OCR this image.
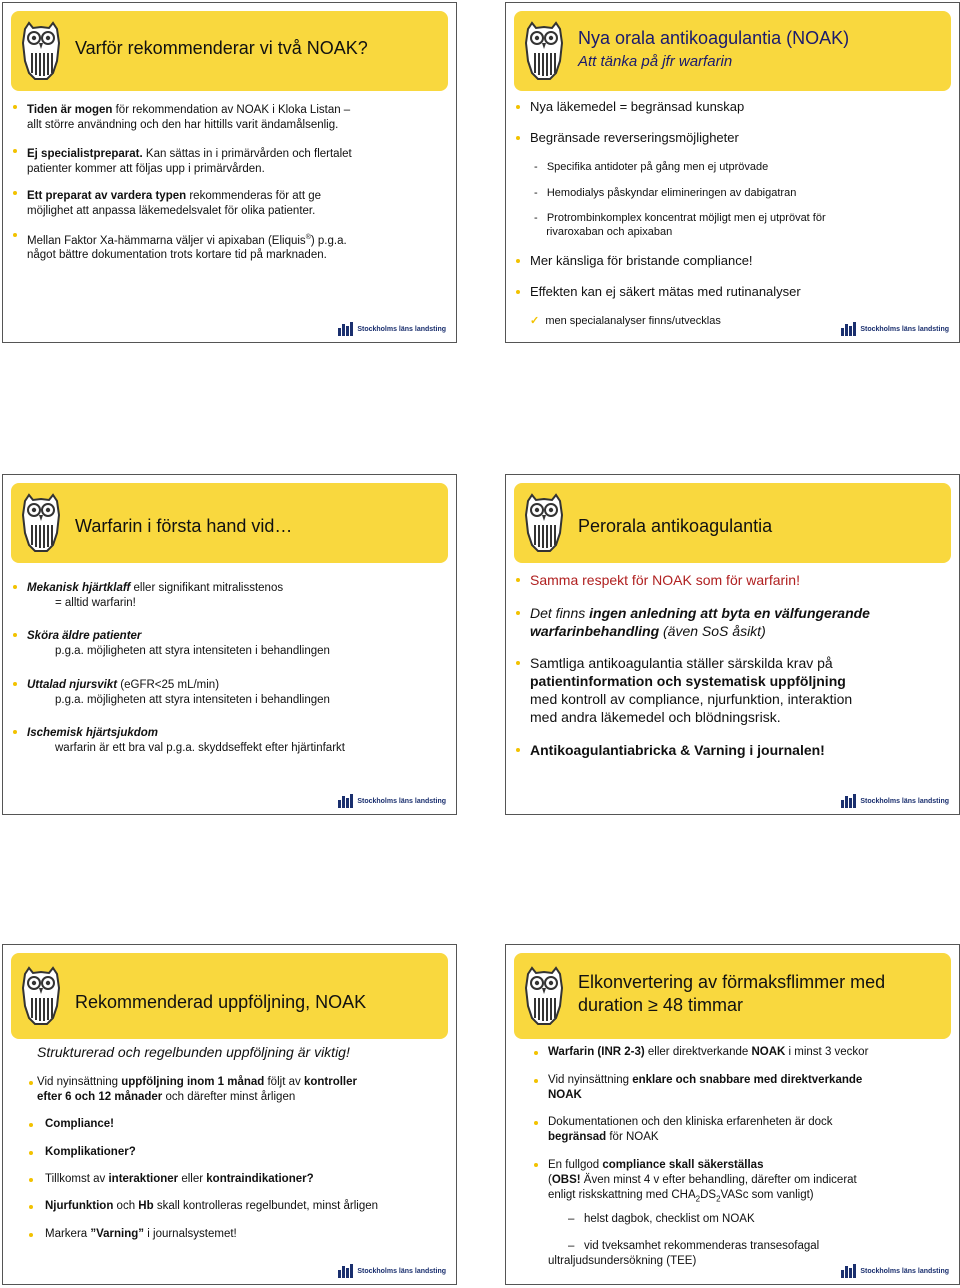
Varför rekommenderar vi två NOAK?
Tiden är mogen för rekommendation av NOAK i Kloka Listan –
allt större användning och den har hittills varit ändamålsenlig.
Ej specialistpreparat. Kan sättas in i primärvården och flertalet
patienter kommer att följas upp i primärvården.
Ett preparat av vardera typen rekommenderas för att ge
möjlighet att anpassa läkemedelsvalet för olika patienter.
Mellan Faktor Xa-hämmarna väljer vi apixaban (Eliquis®) p.g.a.
något bättre dokumentation trots kortare tid på marknaden.
Stockholms läns landsting
Nya orala antikoagulantia (NOAK)
Att tänka på jfr warfarin
Nya läkemedel = begränsad kunskap
Begränsade reverseringsmöjligheter
-   Specifika antidoter på gång men ej utprövade
-   Hemodialys påskyndar elimineringen av dabigatran
-   Protrombinkomplex koncentrat möjligt men ej utprövat för
rivaroxaban och apixaban
Mer känsliga för bristande compliance!
Effekten kan ej säkert mätas med rutinanalyser
✓ men specialanalyser finns/utvecklas
Stockholms läns landsting
Warfarin i första hand vid…
Mekanisk hjärtklaff eller signifikant mitralisstenos
= alltid warfarin!
Sköra äldre patienter
p.g.a. möjligheten att styra intensiteten i behandlingen
Uttalad njursvikt (eGFR<25 mL/min)
p.g.a. möjligheten att styra intensiteten i behandlingen
Ischemisk hjärtsjukdom
warfarin är ett bra val p.g.a. skyddseffekt efter hjärtinfarkt
Stockholms läns landsting
Perorala antikoagulantia
Samma respekt för NOAK som för warfarin!
Det finns ingen anledning att byta en välfungerande
warfarinbehandling (även SoS åsikt)
Samtliga antikoagulantia ställer särskilda krav på
patientinformation och systematisk uppföljning
med kontroll av compliance, njurfunktion, interaktion
med andra läkemedel och blödningsrisk.
Antikoagulantiabricka & Varning i journalen!
Stockholms läns landsting
Rekommenderad uppföljning, NOAK
Strukturerad och regelbunden uppföljning är viktig!
Vid nyinsättning uppföljning inom 1 månad följt av kontroller
efter 6 och 12 månader och därefter minst årligen
Compliance!
Komplikationer?
Tillkomst av interaktioner eller kontraindikationer?
Njurfunktion och Hb skall kontrolleras regelbundet, minst årligen
Markera ”Varning” i journalsystemet!
Stockholms läns landsting
Elkonvertering av förmaksflimmer med
duration ≥ 48 timmar
Warfarin (INR 2-3) eller direktverkande NOAK i minst 3 veckor
Vid nyinsättning enklare och snabbare med direktverkande
NOAK
Dokumentationen och den kliniska erfarenheten är dock
begränsad för NOAK
En fullgod compliance skall säkerställas
(OBS! Även minst 4 v efter behandling, därefter om indicerat
enligt riskskattning med $CHA_2DS_2VASc$ som vanligt)
–   helst dagbok, checklist om NOAK
–   vid tveksamhet rekommenderas transesofagal
ultraljudsundersökning (TEE)
Stockholms läns landsting
